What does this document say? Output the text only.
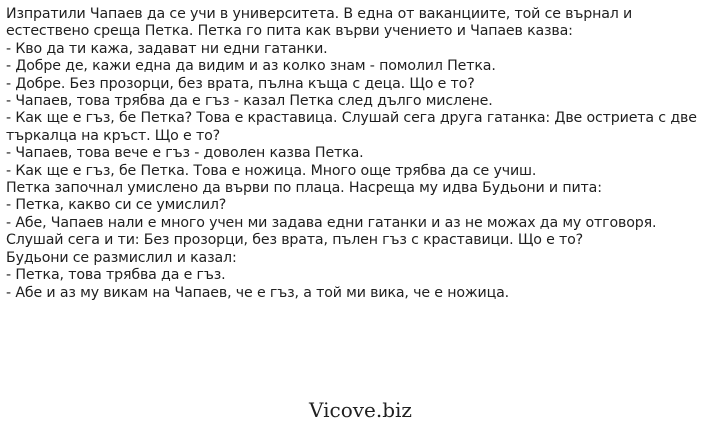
Изпратили Чапаев да се учи в университета. В една от ваканциите, той се върнал и естествено среща Петка. Петка го пита как върви учението и Чапаев казва:

- Кво да ти кажа, задават ни едни гатанки.

- Добре де, кажи една да видим и аз колко знам - помолил Петка.

- Добре. Без прозорци, без врата, пълна къща с деца. Що е то?

- Чапаев, това трябва да е гъз - казал Петка след дълго мислене.

- Как ще е гъз, бе Петка? Това е краставица. Слушай сега друга гатанка: Две остриета с две търкалца на кръст. Що е то?

- Чапаев, това вече е гъз - доволен казва Петка.

- Как ще е гъз, бе Петка. Това е ножица. Много още трябва да се учиш.

Петка започнал умислено да върви по плаца. Насреща му идва Будьони и пита:

- Петка, какво си се умислил?

- Абе, Чапаев нали е много учен ми задава едни гатанки и аз не можах да му отговоря. Слушай сега и ти: Без прозорци, без врата, пълен гъз с краставици. Що е то?

Будьони се размислил и казал:

- Петка, това трябва да е гъз.

- Абе и аз му викам на Чапаев, че е гъз, а той ми вика, че е ножица.

Vicove.biz
